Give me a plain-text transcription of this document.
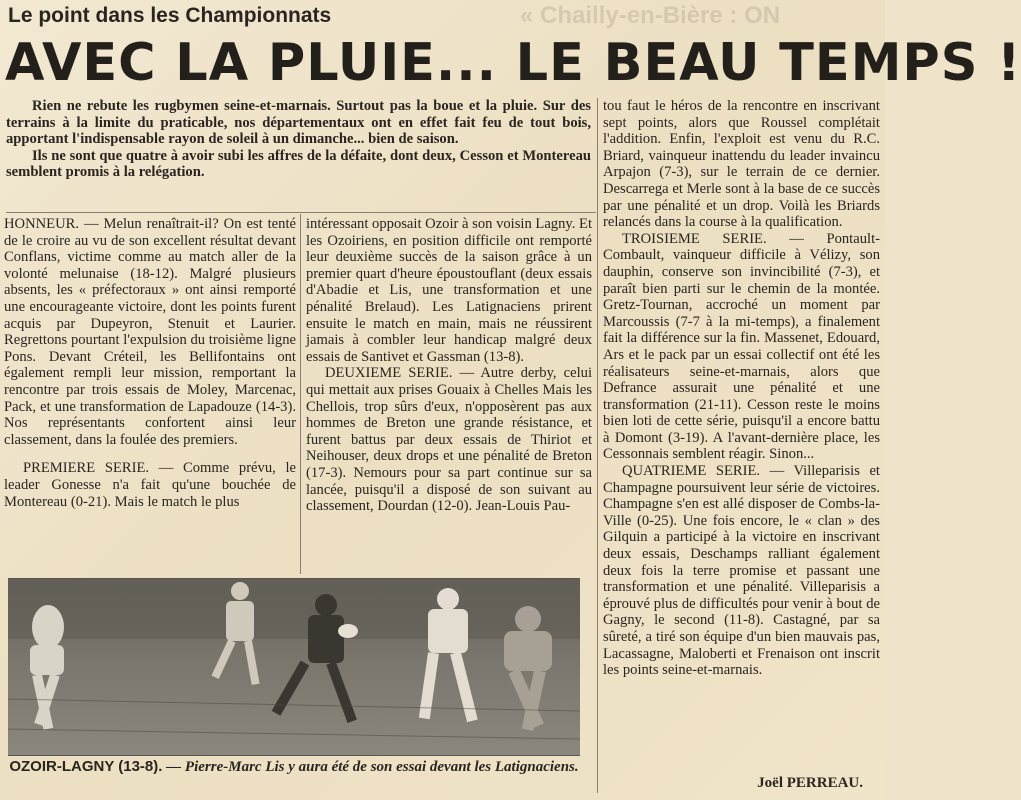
« Chailly-en-Bière : ON
Le point dans les Championnats
AVEC LA PLUIE... LE BEAU TEMPS !

Rien ne rebute les rugbymen seine-et-marnais. Surtout pas la boue et la pluie. Sur des terrains à la limite du praticable, nos départementaux ont en effet fait feu de tout bois, apportant l'indispensable rayon de soleil à un dimanche... bien de saison.

Ils ne sont que quatre à avoir subi les affres de la défaite, dont deux, Cesson et Montereau semblent promis à la relégation.

HONNEUR. — Melun renaîtrait-il? On est tenté de le croire au vu de son excellent résultat devant Conflans, victime comme au match aller de la volonté melunaise (18-12). Malgré plusieurs absents, les « préfectoraux » ont ainsi remporté une encourageante victoire, dont les points furent acquis par Dupeyron, Stenuit et Laurier. Regrettons pourtant l'expulsion du troisième ligne Pons. Devant Créteil, les Bellifontains ont également rempli leur mission, remportant la rencontre par trois essais de Moley, Marcenac, Pack, et une transformation de Lapadouze (14-3). Nos représentants confortent ainsi leur classement, dans la foulée des premiers.

PREMIERE SERIE. — Comme prévu, le leader Gonesse n'a fait qu'une bouchée de Montereau (0-21). Mais le match le plus

intéressant opposait Ozoir à son voisin Lagny. Et les Ozoiriens, en position difficile ont remporté leur deuxième succès de la saison grâce à un premier quart d'heure époustouflant (deux essais d'Abadie et Lis, une transformation et une pénalité Brelaud). Les Latignaciens prirent ensuite le match en main, mais ne réussirent jamais à combler leur handicap malgré deux essais de Santivet et Gassman (13-8).

DEUXIEME SERIE. — Autre derby, celui qui mettait aux prises Gouaix à Chelles Mais les Chellois, trop sûrs d'eux, n'opposèrent pas aux hommes de Breton une grande résistance, et furent battus par deux essais de Thiriot et Neihouser, deux drops et une pénalité de Breton (17-3). Nemours pour sa part continue sur sa lancée, puisqu'il a disposé de son suivant au classement, Dourdan (12-0). Jean-Louis Pau-

tou faut le héros de la rencontre en inscrivant sept points, alors que Roussel complétait l'addition. Enfin, l'exploit est venu du R.C. Briard, vainqueur inattendu du leader invaincu Arpajon (7-3), sur le terrain de ce dernier. Descarrega et Merle sont à la base de ce succès par une pénalité et un drop. Voilà les Briards relancés dans la course à la qualification.

TROISIEME SERIE. — Pontault-Combault, vainqueur difficile à Vélizy, son dauphin, conserve son invincibilité (7-3), et paraît bien parti sur le chemin de la montée. Gretz-Tournan, accroché un moment par Marcoussis (7-7 à la mi-temps), a finalement fait la différence sur la fin. Massenet, Edouard, Ars et le pack par un essai collectif ont été les réalisateurs seine-et-marnais, alors que Defrance assurait une pénalité et une transformation (21-11). Cesson reste le moins bien loti de cette série, puisqu'il a encore battu à Domont (3-19). A l'avant-dernière place, les Cessonnais semblent réagir. Sinon...

QUATRIEME SERIE. — Villeparisis et Champagne poursuivent leur série de victoires. Champagne s'en est allé disposer de Combs-la-Ville (0-25). Une fois encore, le « clan » des Gilquin a participé à la victoire en inscrivant deux essais, Deschamps ralliant également deux fois la terre promise et passant une transformation et une pénalité. Villeparisis a éprouvé plus de difficultés pour venir à bout de Gagny, le second (11-8). Castagné, par sa sûreté, a tiré son équipe d'un bien mauvais pas, Lacassagne, Maloberti et Frenaison ont inscrit les points seine-et-marnais.

OZOIR-LAGNY (13-8). — Pierre-Marc Lis y aura été de son essai devant les Latignaciens.
Joël PERREAU.
